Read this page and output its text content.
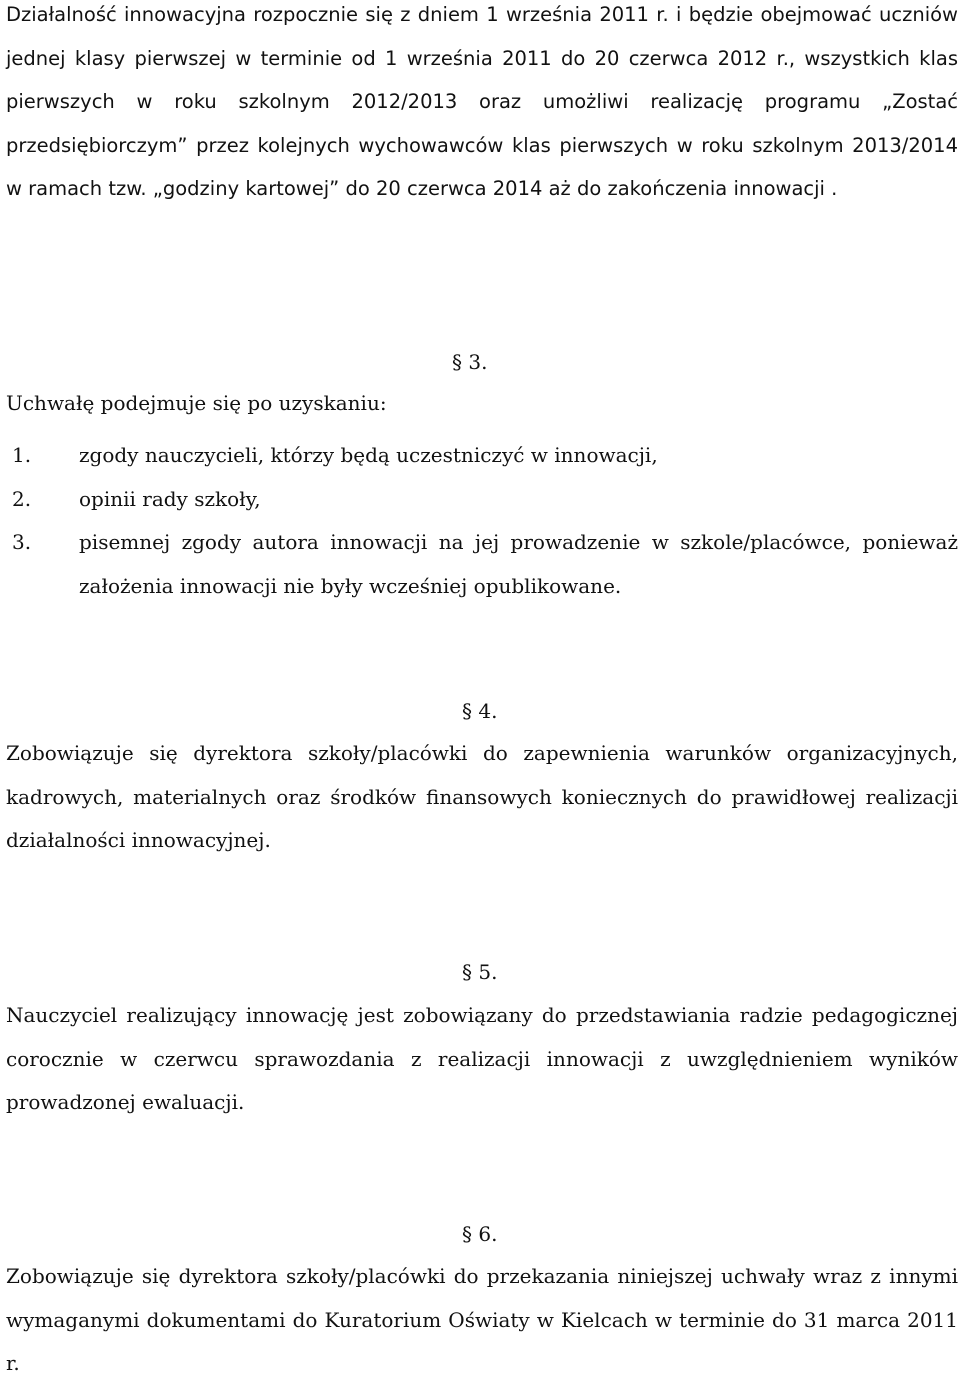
Działalność innowacyjna rozpocznie się z dniem 1 września 2011 r. i będzie obejmować uczniów jednej klasy pierwszej w terminie od 1 września 2011 do 20 czerwca 2012 r., wszystkich klas pierwszych w roku szkolnym 2012/2013 oraz umożliwi realizację programu „Zostać przedsiębiorczym” przez kolejnych wychowawców klas pierwszych w roku szkolnym 2013/2014 w ramach tzw. „godziny kartowej” do 20 czerwca 2014 aż do zakończenia innowacji .

§ 3.

Uchwałę podejmuje się po uzyskaniu:

1. zgody nauczycieli, którzy będą uczestniczyć w innowacji,
2. opinii rady szkoły,
3. pisemnej zgody autora innowacji na jej prowadzenie w szkole/placówce, ponieważ założenia innowacji nie były wcześniej opublikowane.
§ 4.

Zobowiązuje się dyrektora szkoły/placówki do zapewnienia warunków organizacyjnych, kadrowych, materialnych oraz środków finansowych koniecznych do prawidłowej realizacji działalności innowacyjnej.

§ 5.

Nauczyciel realizujący innowację jest zobowiązany do przedstawiania radzie pedagogicznej corocznie w czerwcu sprawozdania z realizacji innowacji z uwzględnieniem wyników prowadzonej ewaluacji.

§ 6.

Zobowiązuje się dyrektora szkoły/placówki do przekazania niniejszej uchwały wraz z innymi wymaganymi dokumentami do Kuratorium Oświaty w Kielcach w terminie do 31 marca 2011 r.
